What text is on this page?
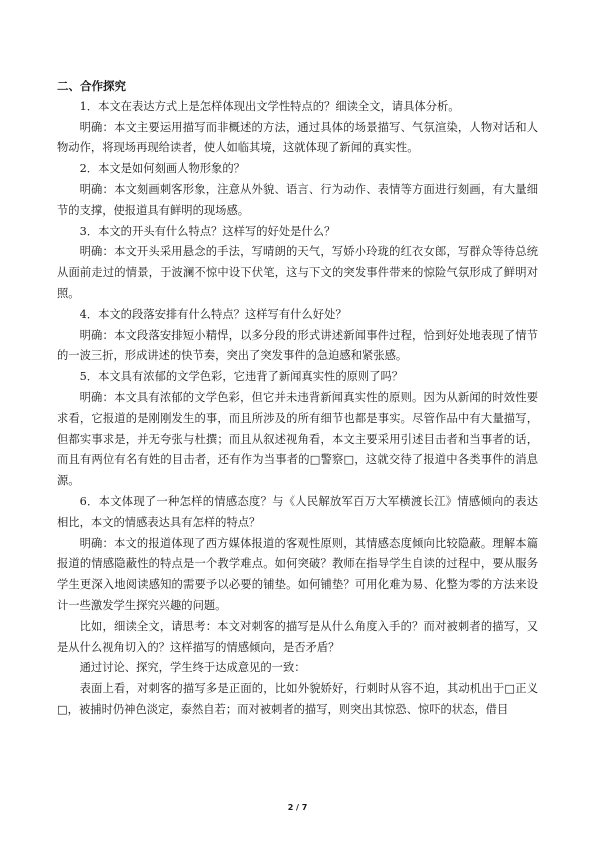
二、合作探究

1．本文在表达方式上是怎样体现出文学性特点的？细读全文，请具体分析。

明确：本文主要运用描写而非概述的方法，通过具体的场景描写、气氛渲染，人物对话和人物动作，将现场再现给读者，使人如临其境，这就体现了新闻的真实性。

2．本文是如何刻画人物形象的？

明确：本文刻画刺客形象，注意从外貌、语言、行为动作、表情等方面进行刻画，有大量细节的支撑，使报道具有鲜明的现场感。

3．本文的开头有什么特点？这样写的好处是什么？

明确：本文开头采用悬念的手法，写晴朗的天气，写娇小玲珑的红衣女郎，写群众等待总统从面前走过的情景，于波澜不惊中设下伏笔，这与下文的突发事件带来的惊险气氛形成了鲜明对照。

4．本文的段落安排有什么特点？这样写有什么好处？

明确：本文段落安排短小精悍，以多分段的形式讲述新闻事件过程，恰到好处地表现了情节的一波三折，形成讲述的快节奏，突出了突发事件的急迫感和紧张感。

5．本文具有浓郁的文学色彩，它违背了新闻真实性的原则了吗？

明确：本文具有浓郁的文学色彩，但它并未违背新闻真实性的原则。因为从新闻的时效性要求看，它报道的是刚刚发生的事，而且所涉及的所有细节也都是事实。尽管作品中有大量描写，但都实事求是，并无夸张与杜撰；而且从叙述视角看，本文主要采用引述目击者和当事者的话，而且有两位有名有姓的目击者，还有作为当事者的□警察□，这就交待了报道中各类事件的消息源。

6．本文体现了一种怎样的情感态度？与《人民解放军百万大军横渡长江》情感倾向的表达相比，本文的情感表达具有怎样的特点？

明确：本文的报道体现了西方媒体报道的客观性原则，其情感态度倾向比较隐蔽。理解本篇报道的情感隐蔽性的特点是一个教学难点。如何突破？教师在指导学生自读的过程中，要从服务学生更深入地阅读感知的需要予以必要的铺垫。如何铺垫？可用化难为易、化整为零的方法来设计一些激发学生探究兴趣的问题。

比如，细读全文，请思考：本文对刺客的描写是从什么角度入手的？而对被刺者的描写，又是从什么视角切入的？这样描写的情感倾向，是否矛盾？

通过讨论、探究，学生终于达成意见的一致：

表面上看，对刺客的描写多是正面的，比如外貌娇好，行刺时从容不迫，其动机出于□正义□，被捕时仍神色淡定，泰然自若；而对被刺者的描写，则突出其惊恐、惊吓的状态，借目

2 / 7
